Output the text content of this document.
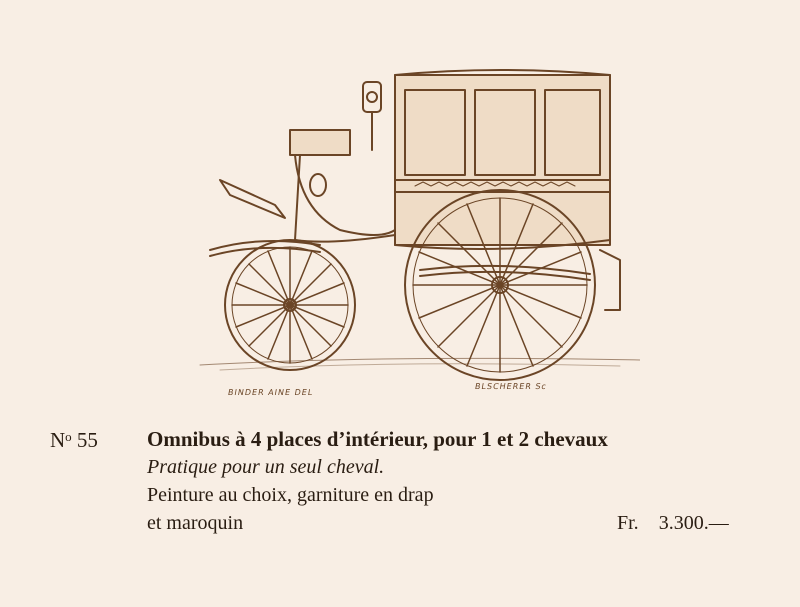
BINDER AINE DEL
BLSCHERER Sc
$N^o$ 55 Omnibus à 4 places d’intérieur, pour 1 et 2 chevaux
Pratique pour un seul cheval.
Peinture au choix, garniture en drap
et maroquin	Fr. 3.300.—
